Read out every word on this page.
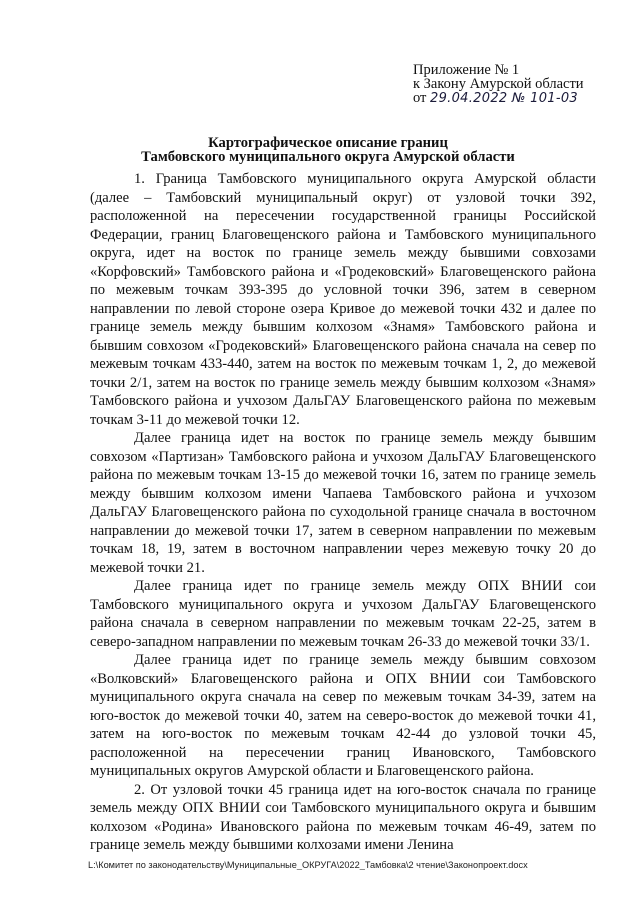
Приложение № 1
к Закону Амурской области
от 29.04.2022 № 101-03
Картографическое описание границ
Тамбовского муниципального округа Амурской области

1. Граница Тамбовского муниципального округа Амурской области (далее – Тамбовский муниципальный округ) от узловой точки 392, расположенной на пересечении государственной границы Российской Федерации, границ Благовещенского района и Тамбовского муниципального округа, идет на восток по границе земель между бывшими совхозами «Корфовский» Тамбовского района и «Гродековский» Благовещенского района по межевым точкам 393-395 до условной точки 396, затем в северном направлении по левой стороне озера Кривое до межевой точки 432 и далее по границе земель между бывшим колхозом «Знамя» Тамбовского района и бывшим совхозом «Гродековский» Благовещенского района сначала на север по межевым точкам 433-440, затем на восток по межевым точкам 1, 2, до межевой точки 2/1, затем на восток по границе земель между бывшим колхозом «Знамя» Тамбовского района и учхозом ДальГАУ Благовещенского района по межевым точкам 3-11 до межевой точки 12.

Далее граница идет на восток по границе земель между бывшим совхозом «Партизан» Тамбовского района и учхозом ДальГАУ Благовещенского района по межевым точкам 13-15 до межевой точки 16, затем по границе земель между бывшим колхозом имени Чапаева Тамбовского района и учхозом ДальГАУ Благовещенского района по суходольной границе сначала в восточном направлении до межевой точки 17, затем в северном направлении по межевым точкам 18, 19, затем в восточном направлении через межевую точку 20 до межевой точки 21.

Далее граница идет по границе земель между ОПХ ВНИИ сои Тамбовского муниципального округа и учхозом ДальГАУ Благовещенского района сначала в северном направлении по межевым точкам 22-25, затем в северо-западном направлении по межевым точкам 26-33 до межевой точки 33/1.

Далее граница идет по границе земель между бывшим совхозом «Волковский» Благовещенского района и ОПХ ВНИИ сои Тамбовского муниципального округа сначала на север по межевым точкам 34-39, затем на юго-восток до межевой точки 40, затем на северо-восток до межевой точки 41, затем на юго-восток по межевым точкам 42-44 до узловой точки 45, расположенной на пересечении границ Ивановского, Тамбовского муниципальных округов Амурской области и Благовещенского района.

2. От узловой точки 45 граница идет на юго-восток сначала по границе земель между ОПХ ВНИИ сои Тамбовского муниципального округа и бывшим колхозом «Родина» Ивановского района по межевым точкам 46-49, затем по границе земель между бывшими колхозами имени Ленина

L:\Комитет по законодательству\Муниципальные_ОКРУГА\2022_Тамбовка\2 чтение\Законопроект.docx
